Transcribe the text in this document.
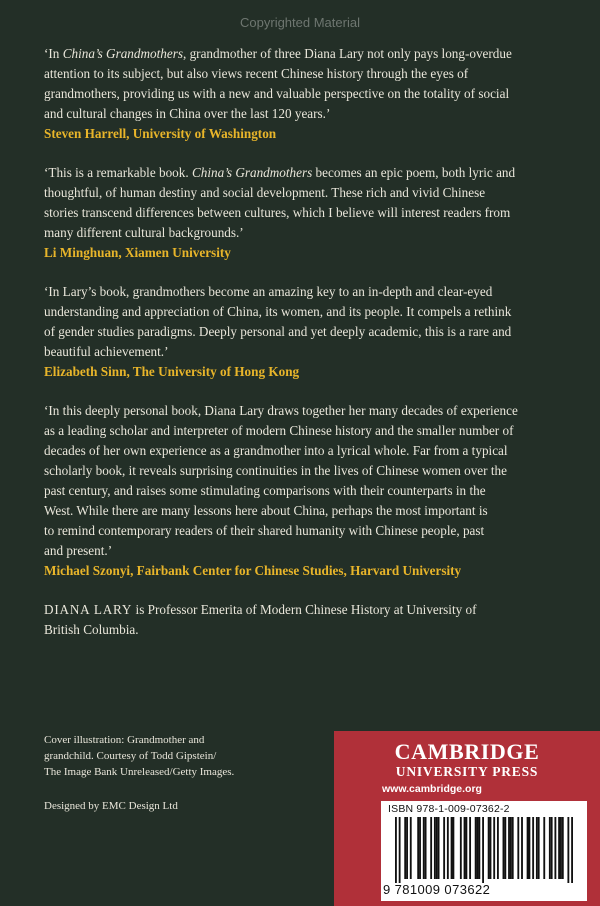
Copyrighted Material

‘In China’s Grandmothers, grandmother of three Diana Lary not only pays long-overdue

attention to its subject, but also views recent Chinese history through the eyes of

grandmothers, providing us with a new and valuable perspective on the totality of social

and cultural changes in China over the last 120 years.’

Steven Harrell, University of Washington

‘This is a remarkable book. China’s Grandmothers becomes an epic poem, both lyric and

thoughtful, of human destiny and social development. These rich and vivid Chinese

stories transcend differences between cultures, which I believe will interest readers from

many different cultural backgrounds.’

Li Minghuan, Xiamen University

‘In Lary’s book, grandmothers become an amazing key to an in-depth and clear-eyed

understanding and appreciation of China, its women, and its people. It compels a rethink

of gender studies paradigms. Deeply personal and yet deeply academic, this is a rare and

beautiful achievement.’

Elizabeth Sinn, The University of Hong Kong

‘In this deeply personal book, Diana Lary draws together her many decades of experience

as a leading scholar and interpreter of modern Chinese history and the smaller number of

decades of her own experience as a grandmother into a lyrical whole. Far from a typical

scholarly book, it reveals surprising continuities in the lives of Chinese women over the

past century, and raises some stimulating comparisons with their counterparts in the

West. While there are many lessons here about China, perhaps the most important is

to remind contemporary readers of their shared humanity with Chinese people, past

and present.’

Michael Szonyi, Fairbank Center for Chinese Studies, Harvard University
DIANA LARY is Professor Emerita of Modern Chinese History at University of
British Columbia.
Cover illustration: Grandmother and
grandchild. Courtesy of Todd Gipstein/
The Image Bank Unreleased/Getty Images.
Designed by EMC Design Ltd
CAMBRIDGE
UNIVERSITY PRESS
www.cambridge.org
ISBN 978-1-009-07362-2
9 781009 073622
